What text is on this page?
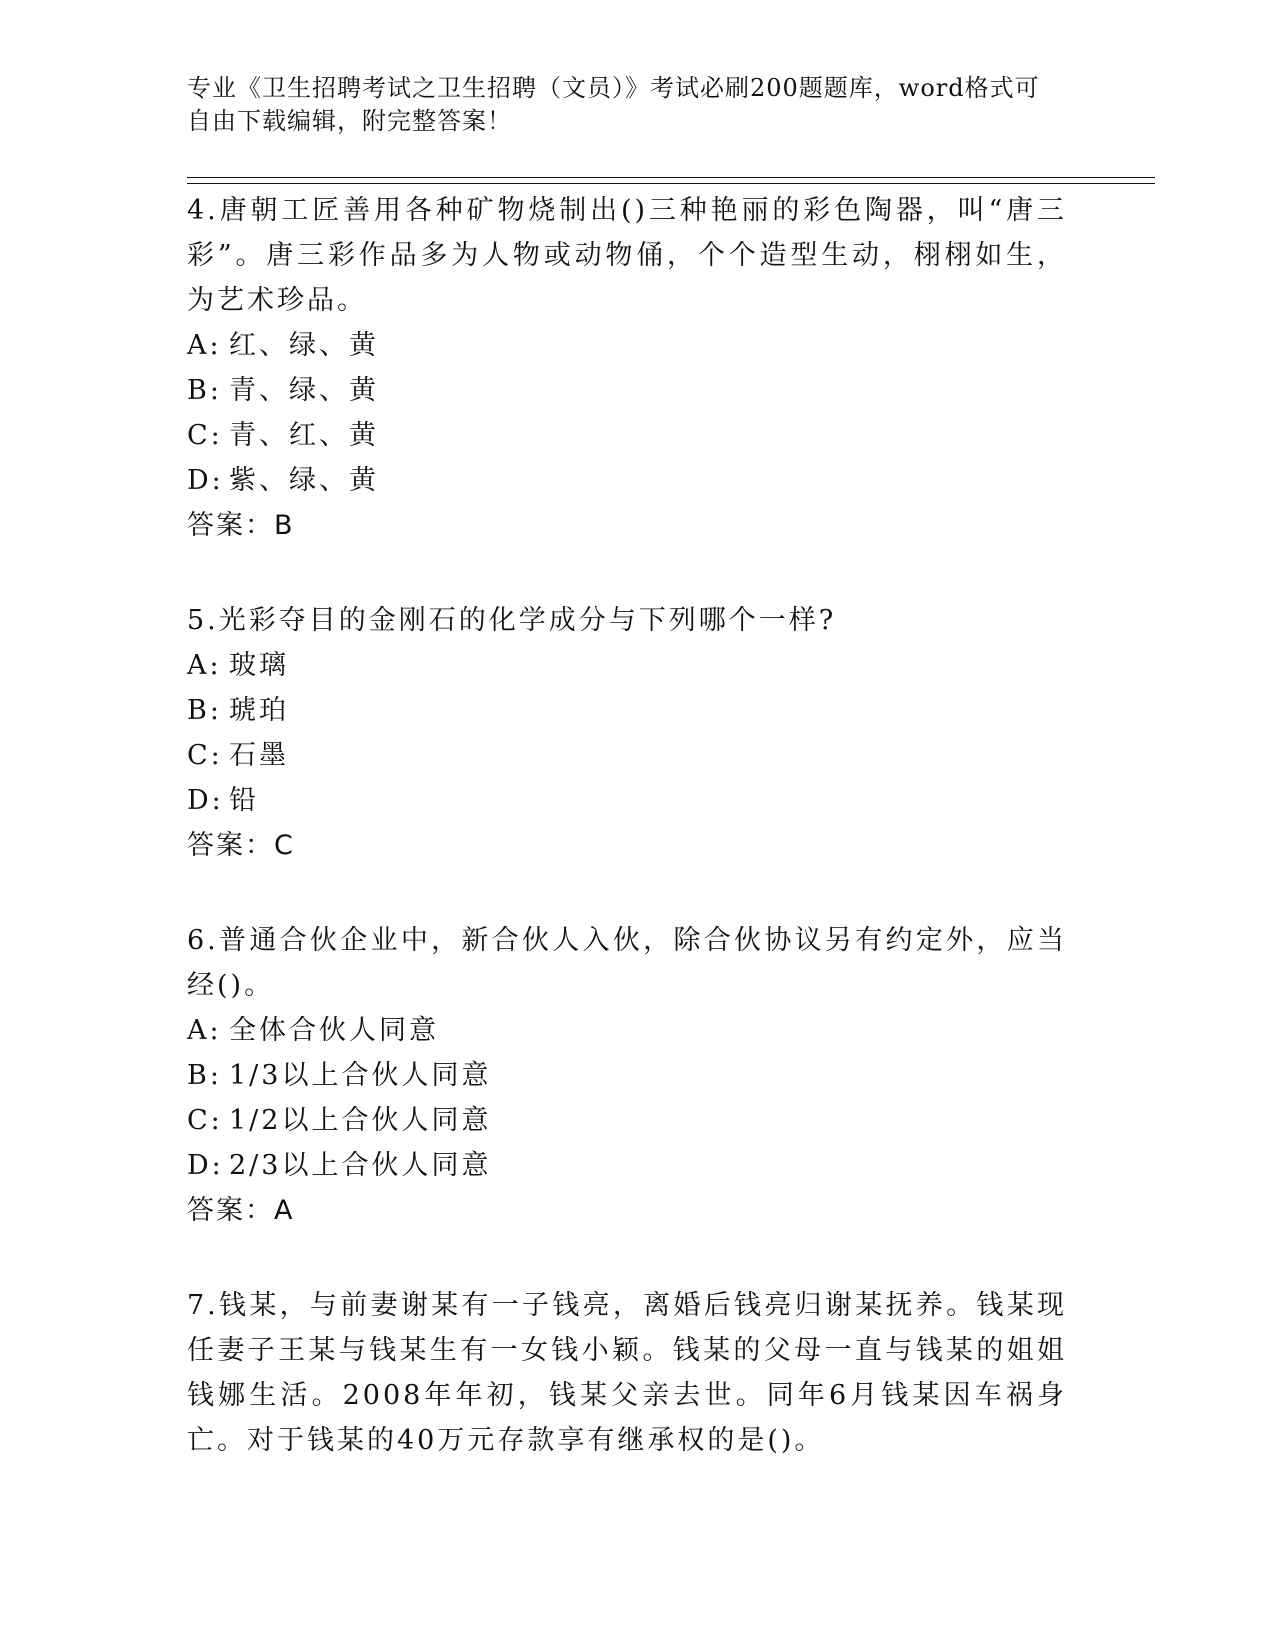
专业《卫生招聘考试之卫生招聘（文员）》考试必刷200题题库，word格式可自由下载编辑，附完整答案！

4.唐朝工匠善用各种矿物烧制出()三种艳丽的彩色陶器，叫“唐三彩”。唐三彩作品多为人物或动物俑，个个造型生动，栩栩如生，为艺术珍品。

A: 红、绿、黄

B: 青、绿、黄

C: 青、红、黄

D: 紫、绿、黄

答案：B

5.光彩夺目的金刚石的化学成分与下列哪个一样?

A: 玻璃

B: 琥珀

C: 石墨

D: 铅

答案：C

6.普通合伙企业中，新合伙人入伙，除合伙协议另有约定外，应当经()。

A: 全体合伙人同意

B: 1/3以上合伙人同意

C: 1/2以上合伙人同意

D: 2/3以上合伙人同意

答案：A

7.钱某，与前妻谢某有一子钱亮，离婚后钱亮归谢某抚养。钱某现任妻子王某与钱某生有一女钱小颖。钱某的父母一直与钱某的姐姐钱娜生活。2008年年初，钱某父亲去世。同年6月钱某因车祸身亡。对于钱某的40万元存款享有继承权的是()。
